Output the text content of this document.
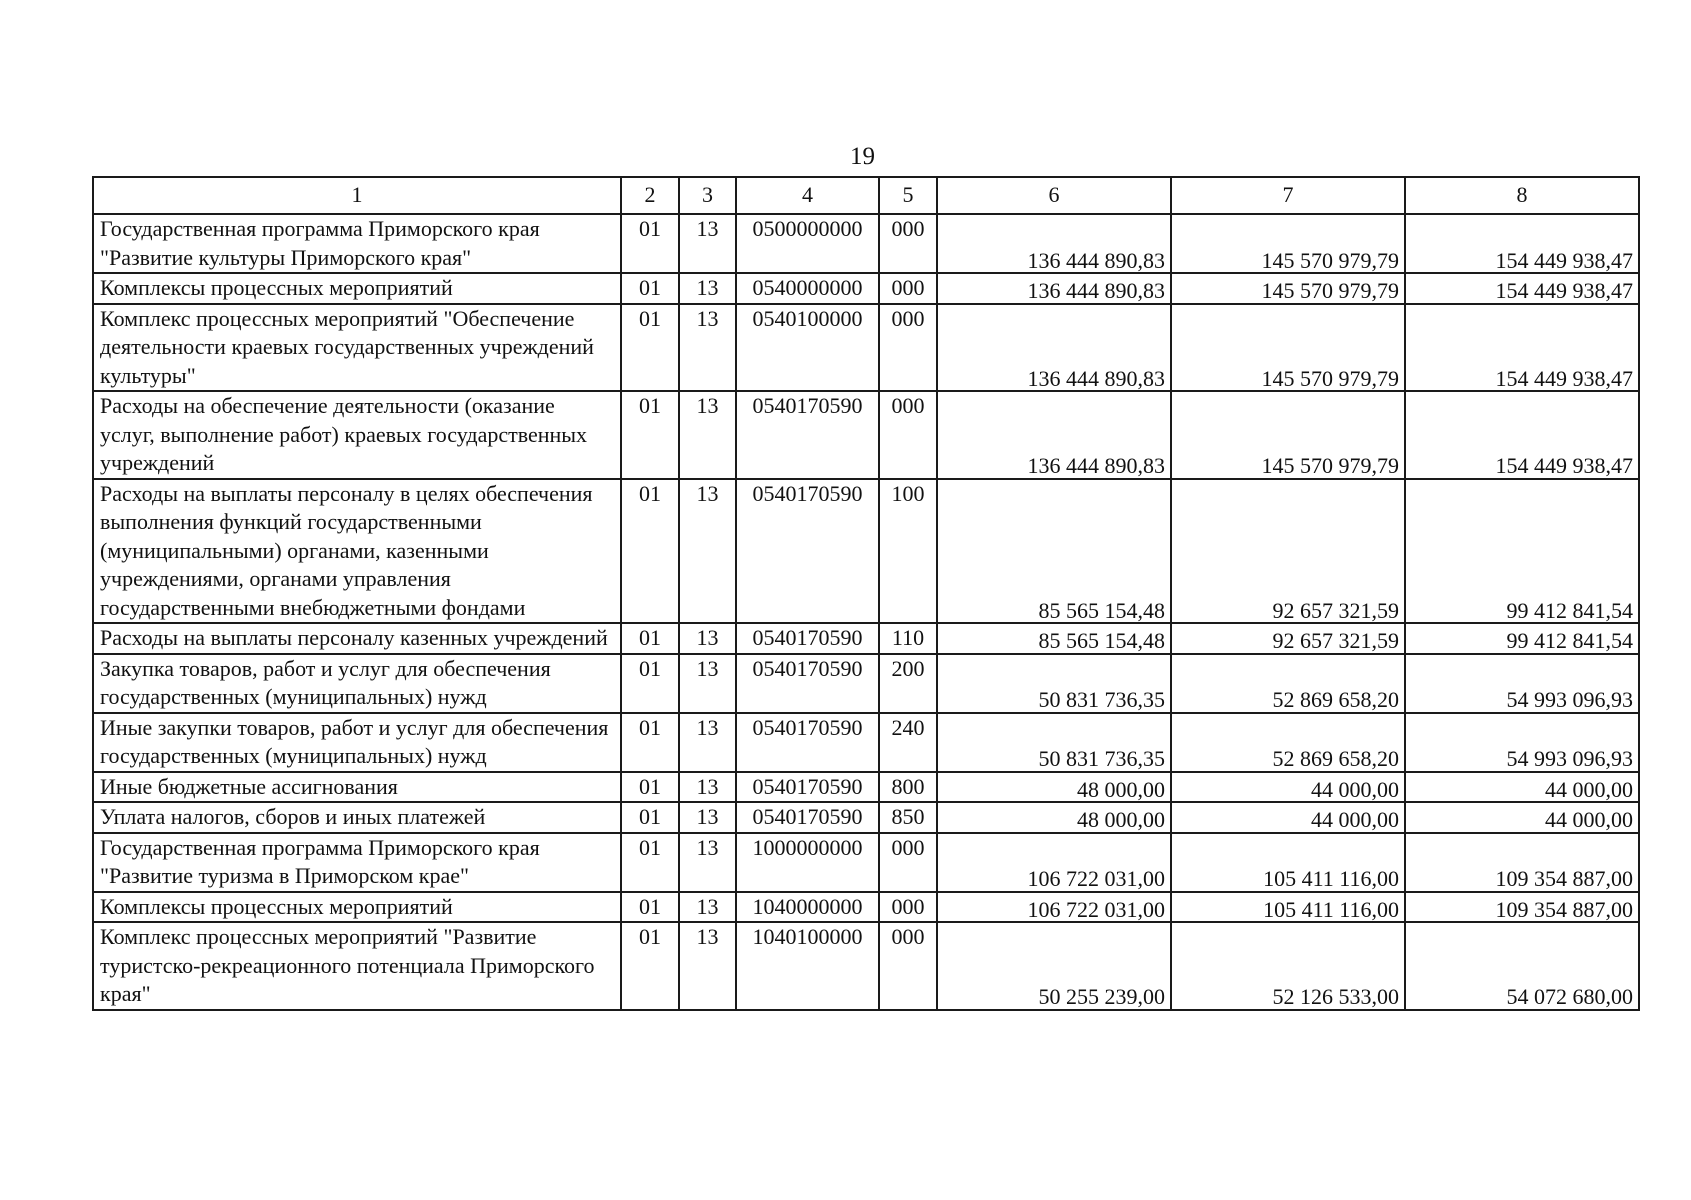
19
1	2	3	4	5	6	7	8
Государственная программа Приморского края "Развитие культуры Приморского края"	01	13	0500000000	000	136 444 890,83	145 570 979,79	154 449 938,47
Комплексы процессных мероприятий	01	13	0540000000	000	136 444 890,83	145 570 979,79	154 449 938,47
Комплекс процессных мероприятий "Обеспечение деятельности краевых государственных учреждений культуры"	01	13	0540100000	000	136 444 890,83	145 570 979,79	154 449 938,47
Расходы на обеспечение деятельности (оказание услуг, выполнение работ) краевых государственных учреждений	01	13	0540170590	000	136 444 890,83	145 570 979,79	154 449 938,47
Расходы на выплаты персоналу в целях обеспечения выполнения функций государственными (муниципальными) органами, казенными учреждениями, органами управления государственными внебюджетными фондами	01	13	0540170590	100	85 565 154,48	92 657 321,59	99 412 841,54
Расходы на выплаты персоналу казенных учреждений	01	13	0540170590	110	85 565 154,48	92 657 321,59	99 412 841,54
Закупка товаров, работ и услуг для обеспечения государственных (муниципальных) нужд	01	13	0540170590	200	50 831 736,35	52 869 658,20	54 993 096,93
Иные закупки товаров, работ и услуг для обеспечения государственных (муниципальных) нужд	01	13	0540170590	240	50 831 736,35	52 869 658,20	54 993 096,93
Иные бюджетные ассигнования	01	13	0540170590	800	48 000,00	44 000,00	44 000,00
Уплата налогов, сборов и иных платежей	01	13	0540170590	850	48 000,00	44 000,00	44 000,00
Государственная программа Приморского края "Развитие туризма в Приморском крае"	01	13	1000000000	000	106 722 031,00	105 411 116,00	109 354 887,00
Комплексы процессных мероприятий	01	13	1040000000	000	106 722 031,00	105 411 116,00	109 354 887,00
Комплекс процессных мероприятий "Развитие туристско-рекреационного потенциала Приморского края"	01	13	1040100000	000	50 255 239,00	52 126 533,00	54 072 680,00
